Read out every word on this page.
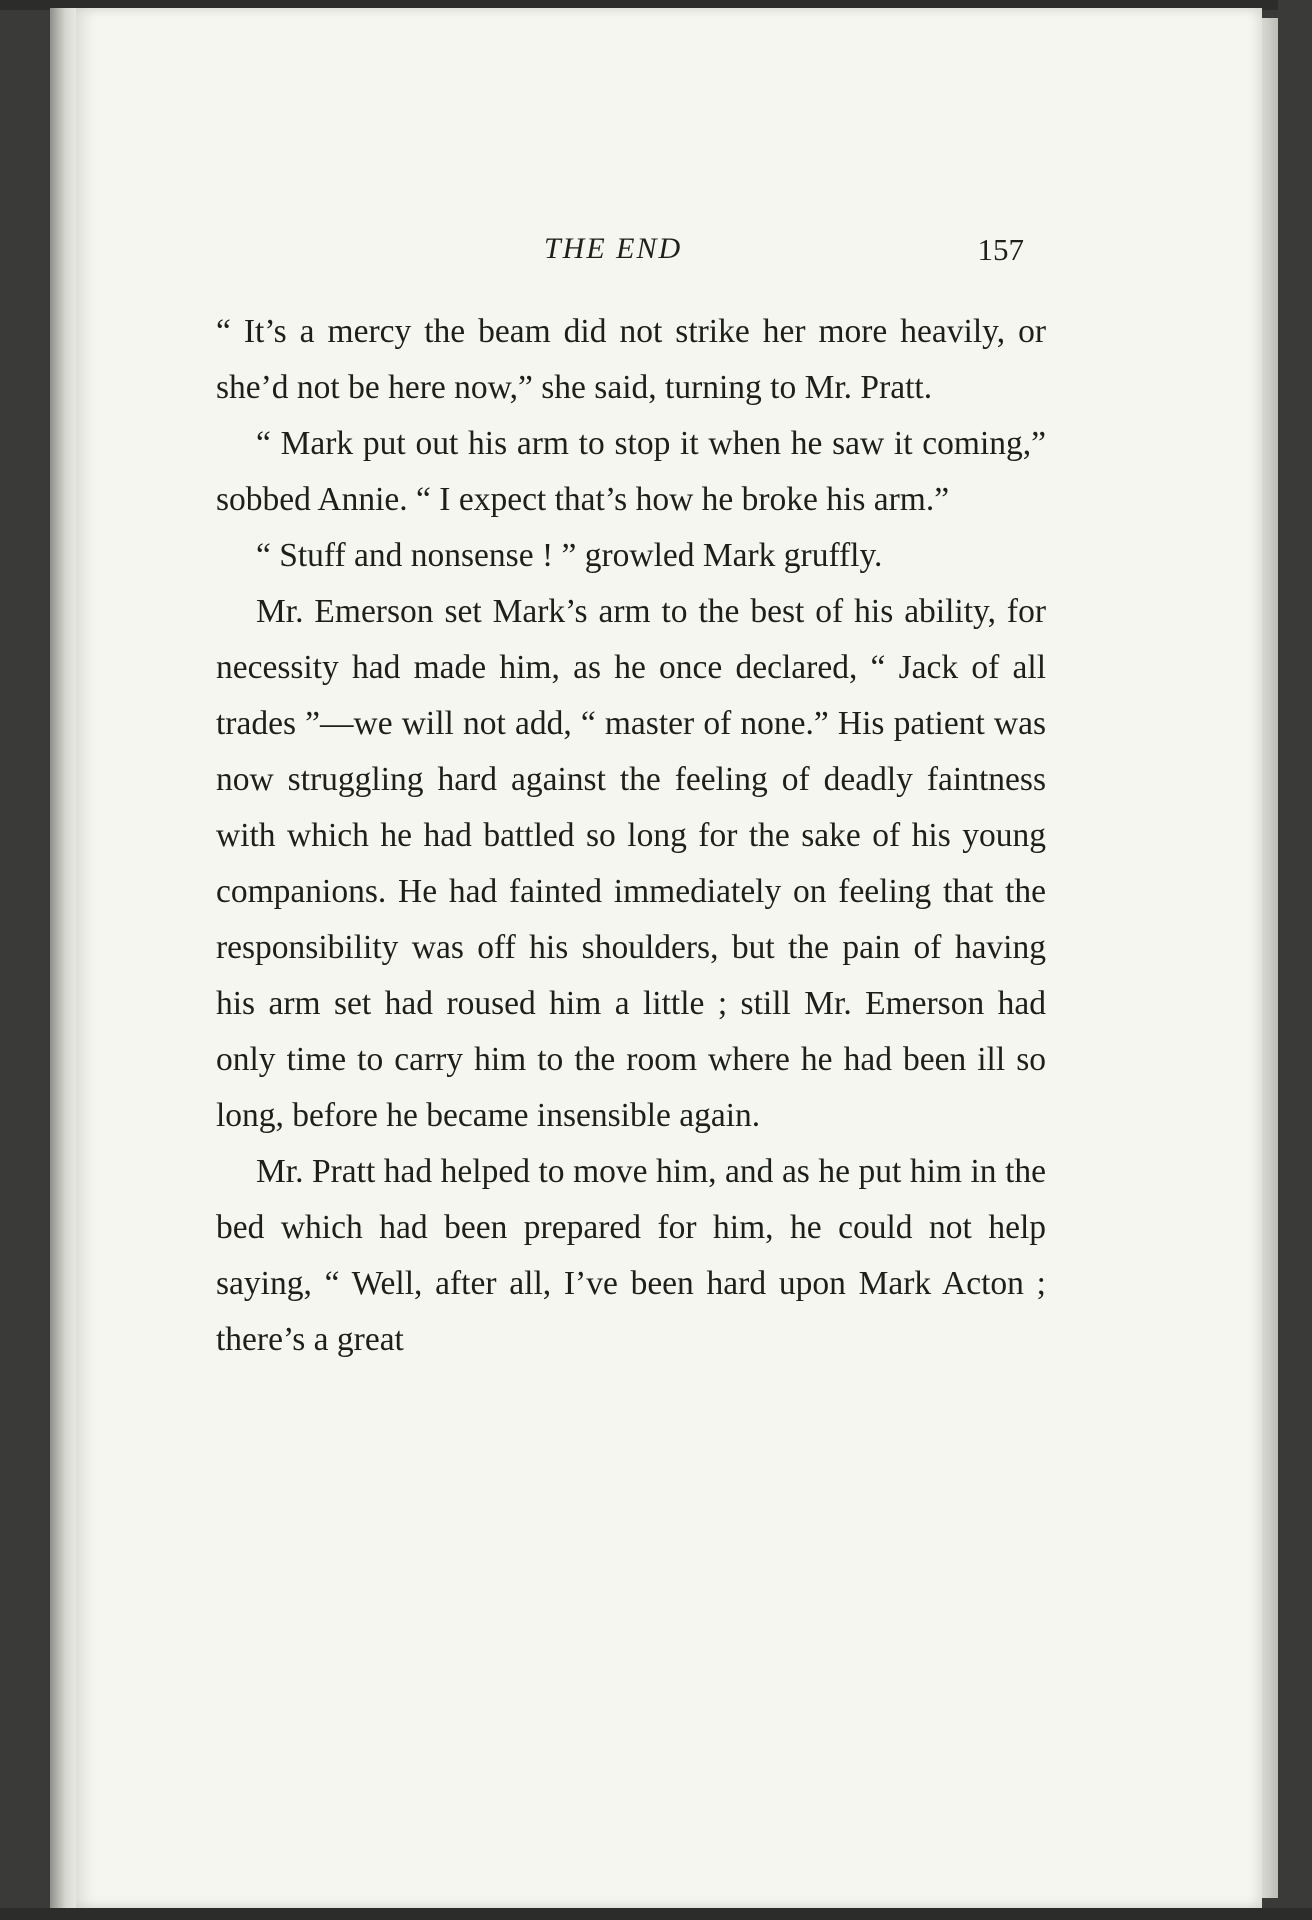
THE END	157

“ It’s a mercy the beam did not strike her more heavily, or she’d not be here now,” she said, turning to Mr. Pratt.

“ Mark put out his arm to stop it when he saw it coming,” sobbed Annie. “ I expect that’s how he broke his arm.”

“ Stuff and nonsense ! ” growled Mark gruffly.

Mr. Emerson set Mark’s arm to the best of his ability, for necessity had made him, as he once declared, “ Jack of all trades ”—we will not add, “ master of none.” His patient was now struggling hard against the feeling of deadly faintness with which he had battled so long for the sake of his young companions. He had fainted immediately on feeling that the responsibility was off his shoulders, but the pain of having his arm set had roused him a little ; still Mr. Emerson had only time to carry him to the room where he had been ill so long, before he became insensible again.

Mr. Pratt had helped to move him, and as he put him in the bed which had been prepared for him, he could not help saying, “ Well, after all, I’ve been hard upon Mark Acton ; there’s a great
